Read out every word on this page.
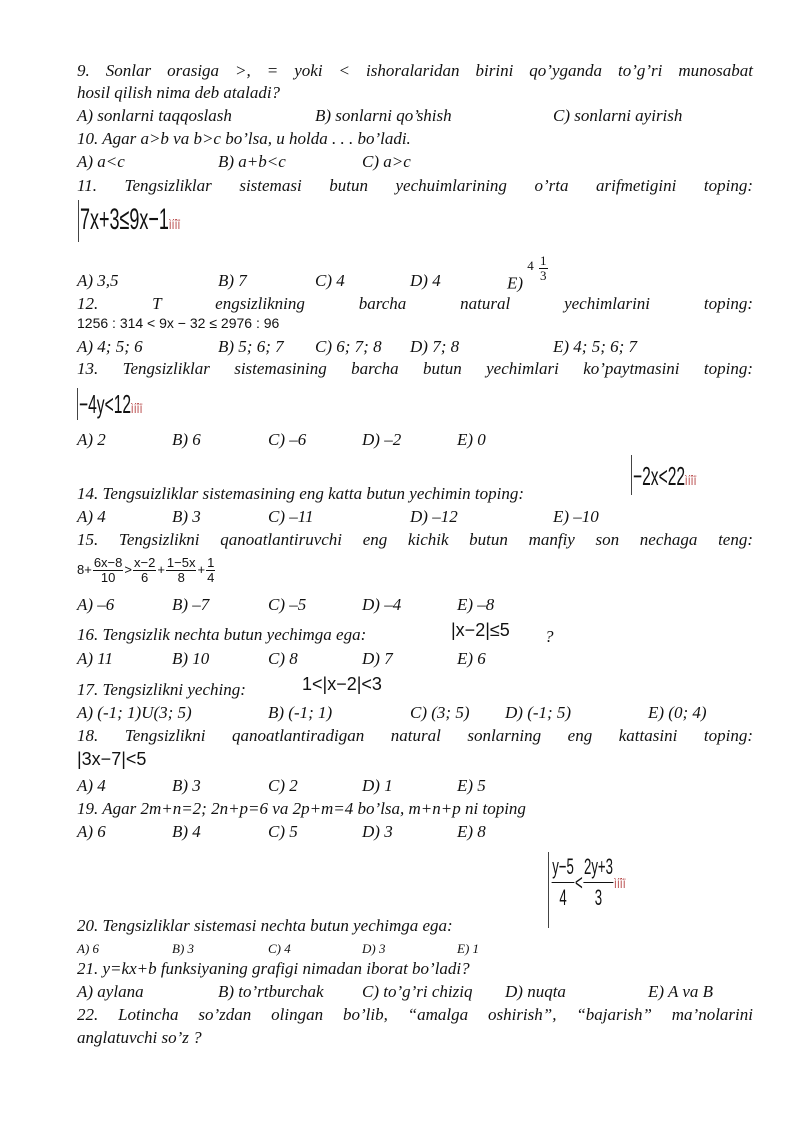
9. Sonlar orasiga >, = yoki < ishoralaridan birini qo’yganda to’g’ri munosabat
hosil qilish nima deb ataladi?
A) sonlarni taqqoslash	B) sonlarni qo’shish	C) sonlarni ayirish
10. Agar a>b va b>c bo’lsa, u holda . . . bo’ladi.
A) a<c	B) a+b<c	C) a>c
11. Tengsizliklar sistemasi butun yechuimlarining o’rta arifmetigini toping:
7x+3≤9x−1ìíîï
A) 3,5	B) 7	C) 4	D) 4	E) $^4 \frac{1}{3}$
12. T engsizlikning barcha natural yechimlarini toping:
1256 : 314 < 9x − 32 ≤ 2976 : 96
A) 4; 5; 6	B) 5; 6; 7 C) 6; 7; 8 D) 7; 8	E) 4; 5; 6; 7
13. Tengsizliklar sistemasining barcha butun yechimlari ko’paytmasini toping:
−4y<12ìíîï
A) 2	B) 6	C) –6	D) –2	E) 0
14. Tengsuizliklar sistemasining eng katta butun yechimin toping:
−2x<22ìíîï
A) 4	B) 3	C) –11	D) –12	E) –10
15. Tengsizlikni qanoatlantiruvchi eng kichik butun manfiy son nechaga teng:
$8+ \frac{6x-8}{10} > \frac{x-2}{6} + \frac{1-5x}{8} + \frac{1}{4}$
A) –6	B) –7	C) –5	D) –4	E) –8
16. Tengsizlik nechta butun yechimga ega:	|x−2|≤5 ?
A) 11	B) 10	C) 8	D) 7	E) 6
17. Tengsizlikni yeching:	1<|x−2|<3
A) (-1; 1)U(3; 5)	B) (-1; 1)	C) (3; 5) D) (-1; 5)	E) (0; 4)
18. Tengsizlikni qanoatlantiradigan natural sonlarning eng kattasini toping:
|3x−7|<5
A) 4	B) 3	C) 2	D) 1	E) 5
19. Agar 2m+n=2; 2n+p=6 va 2p+m=4 bo’lsa, m+n+p ni toping
A) 6	B) 4	C) 5	D) 3	E) 8
$\frac{y-5}{4} < \frac{2y+3}{3}$ ìíîï
20. Tengsizliklar sistemasi nechta butun yechimga ega:
A) 6	B) 3	C) 4	D) 3	E) 1
21. y=kx+b funksiyaning grafigi nimadan iborat bo’ladi?
A) aylana	B) to’rtburchak C) to’g’ri chiziq D) nuqta	E) A va B
22. Lotincha so’zdan olingan bo’lib, “amalga oshirish”, “bajarish” ma’nolarini
anglatuvchi so’z ?
